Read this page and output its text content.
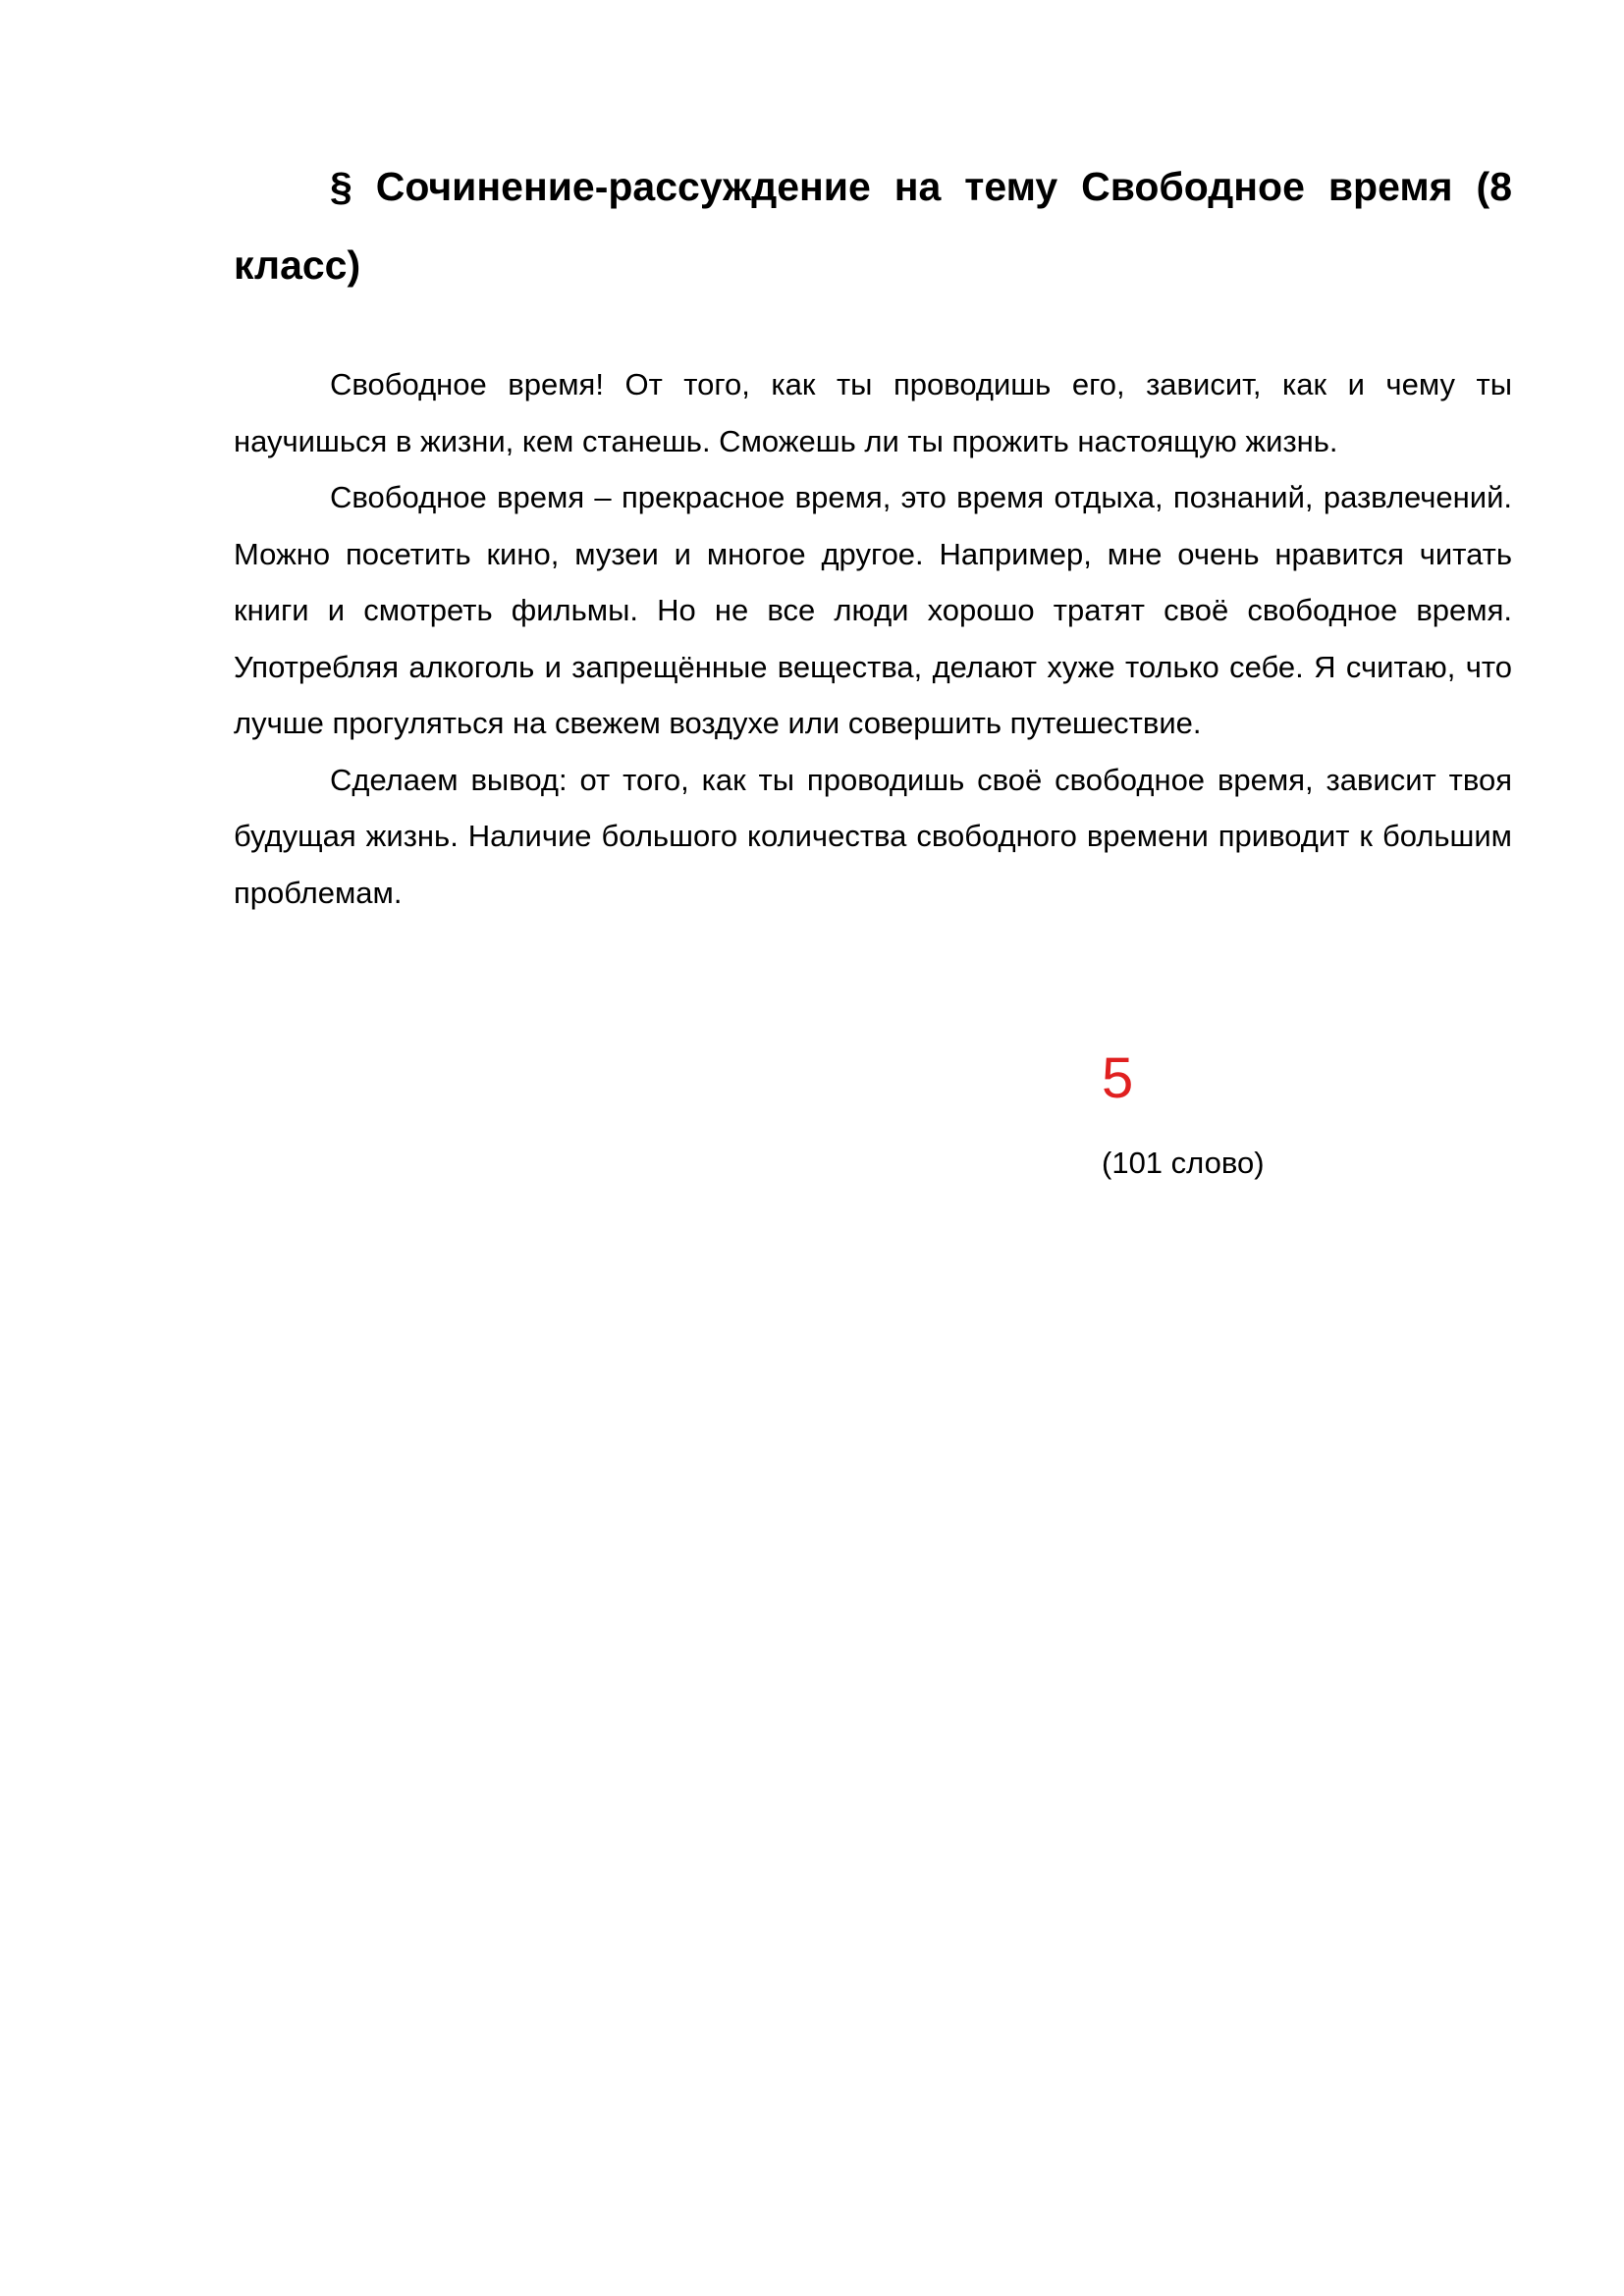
§ Сочинение-рассуждение на тему Свободное время (8 класс)

Свободное время! От того, как ты проводишь его, зависит, как и чему ты научишься в жизни, кем станешь. Сможешь ли ты прожить настоящую жизнь.

Свободное время – прекрасное время, это время отдыха, познаний, развлечений. Можно посетить кино, музеи и многое другое. Например, мне очень нравится читать книги и смотреть фильмы. Но не все люди хорошо тратят своё свободное время. Употребляя алкоголь и запрещённые вещества, делают хуже только себе. Я считаю, что лучше прогуляться на свежем воздухе или совершить путешествие.

Сделаем вывод: от того, как ты проводишь своё свободное время, зависит твоя будущая жизнь. Наличие большого количества свободного времени приводит к большим проблемам.

5
(101 слово)
